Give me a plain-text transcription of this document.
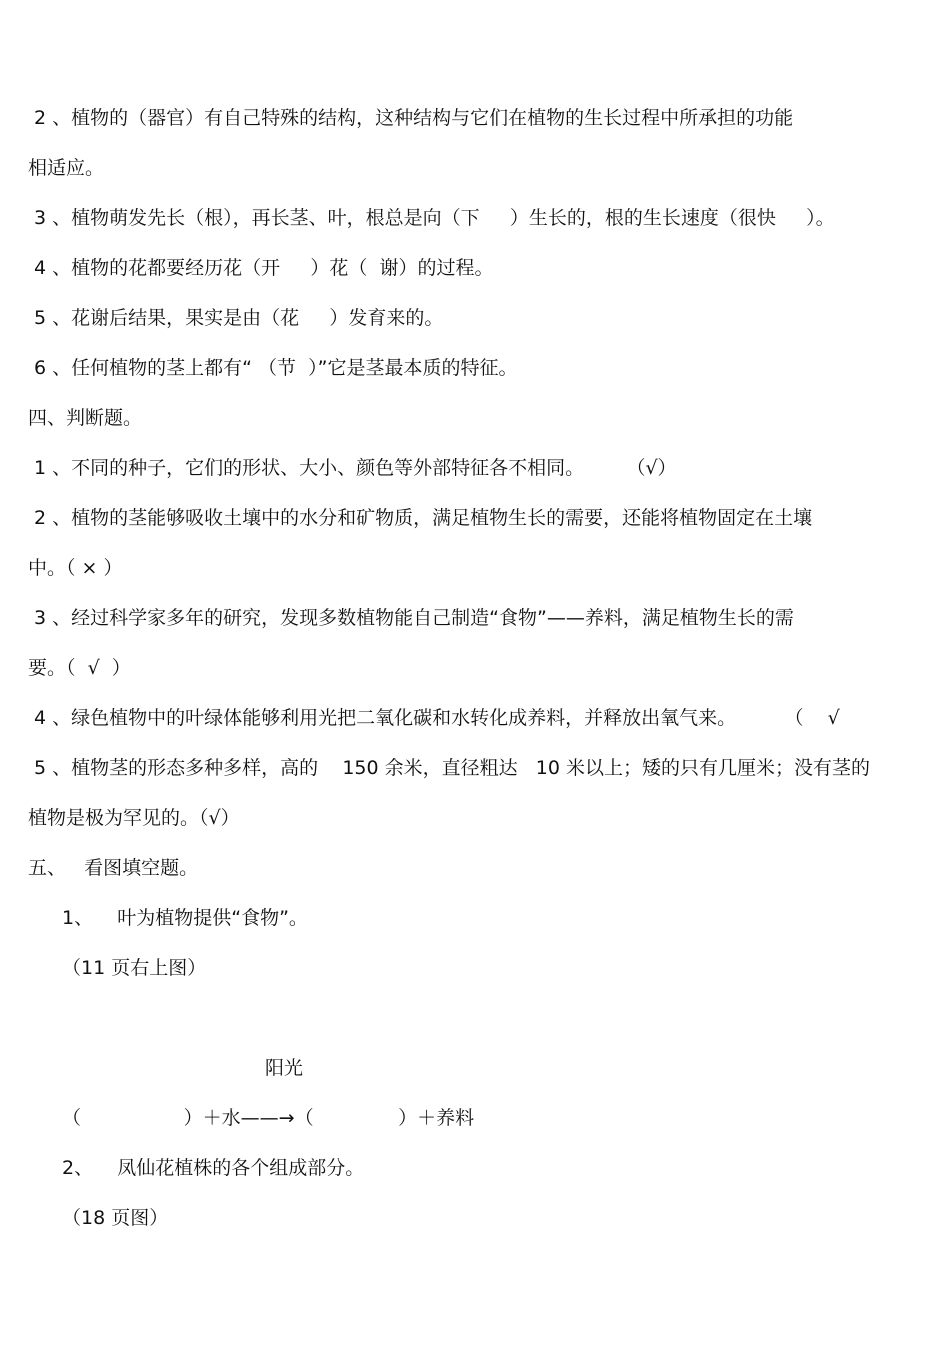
2 、植物的（器官）有自己特殊的结构，这种结构与它们在植物的生长过程中所承担的功能

相适应。

3 、植物萌发先长（根），再长茎、叶，根总是向（下     ）生长的，根的生长速度（很快     ）。

4 、植物的花都要经历花（开     ）花（  谢）的过程。

5 、花谢后结果，果实是由（花     ）发育来的。

6 、任何植物的茎上都有“ （节  ）”它是茎最本质的特征。

四、判断题。

1 、不同的种子，它们的形状、大小、颜色等外部特征各不相同。       （√）

2 、植物的茎能够吸收土壤中的水分和矿物质，满足植物生长的需要，还能将植物固定在土壤

中。（ × ）

3 、经过科学家多年的研究，发现多数植物能自己制造“食物”——养料，满足植物生长的需

要。（  √  ）

4 、绿色植物中的叶绿体能够利用光把二氧化碳和水转化成养料，并释放出氧气来。        （    √

5 、植物茎的形态多种多样，高的    150 余米，直径粗达   10 米以上；矮的只有几厘米；没有茎的

植物是极为罕见的。（√）

五、   看图填空题。

1、    叶为植物提供“食物”。

（11 页右上图）

阳光

（                 ）＋水——→（              ）＋养料

2、    凤仙花植株的各个组成部分。

（18 页图）
